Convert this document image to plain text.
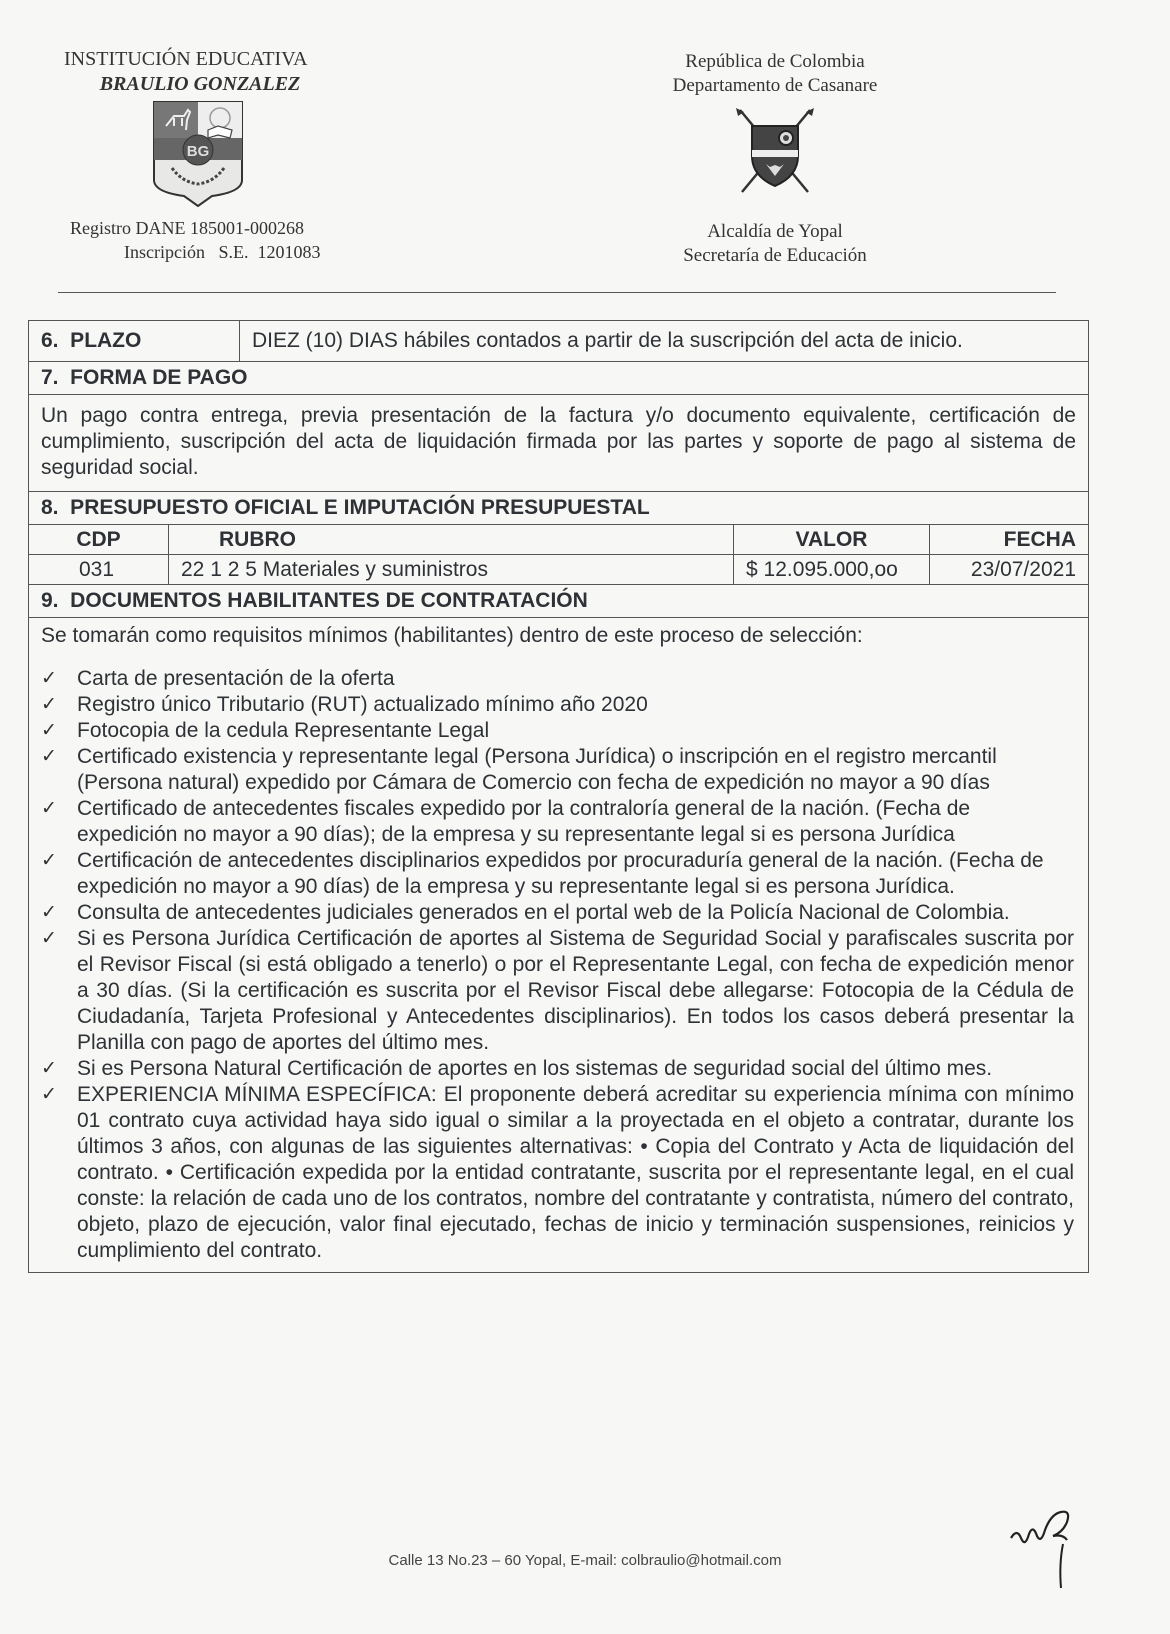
INSTITUCIÓN EDUCATIVA
BRAULIO GONZALEZ
BG
Registro DANE 185001-000268
Inscripción   S.E.  1201083
República de Colombia
Departamento de Casanare
Alcaldía de Yopal
Secretaría de Educación
6.  PLAZO	DIEZ (10) DIAS hábiles contados a partir de la suscripción del acta de inicio.
7.  FORMA DE PAGO
Un pago contra entrega, previa presentación de la factura y/o documento equivalente, certificación de cumplimiento, suscripción del acta de liquidación firmada por las partes y soporte de pago al sistema de seguridad social.
8.  PRESUPUESTO OFICIAL E IMPUTACIÓN PRESUPUESTAL
CDP	RUBRO	VALOR	FECHA
031	22 1 2 5 Materiales y suministros	$ 12.095.000,oo	23/07/2021
9.  DOCUMENTOS HABILITANTES DE CONTRATACIÓN
Se tomarán como requisitos mínimos (habilitantes) dentro de este proceso de selección:
✓ Carta de presentación de la oferta
✓ Registro único Tributario (RUT) actualizado mínimo año 2020
✓ Fotocopia de la cedula Representante Legal
✓ Certificado existencia y representante legal (Persona Jurídica) o inscripción en el registro mercantil (Persona natural) expedido por Cámara de Comercio con fecha de expedición no mayor a 90 días
✓ Certificado de antecedentes fiscales expedido por la contraloría general de la nación. (Fecha de expedición no mayor a 90 días); de la empresa y su representante legal si es persona Jurídica
✓ Certificación de antecedentes disciplinarios expedidos por procuraduría general de la nación. (Fecha de expedición no mayor a 90 días) de la empresa y su representante legal si es persona Jurídica.
✓ Consulta de antecedentes judiciales generados en el portal web de la Policía Nacional de Colombia.
✓ Si es Persona Jurídica Certificación de aportes al Sistema de Seguridad Social y parafiscales suscrita por el Revisor Fiscal (si está obligado a tenerlo) o por el Representante Legal, con fecha de expedición menor a 30 días. (Si la certificación es suscrita por el Revisor Fiscal debe allegarse: Fotocopia de la Cédula de Ciudadanía, Tarjeta Profesional y Antecedentes disciplinarios). En todos los casos deberá presentar la Planilla con pago de aportes del último mes.
✓ Si es Persona Natural Certificación de aportes en los sistemas de seguridad social del último mes.
✓ EXPERIENCIA MÍNIMA ESPECÍFICA: El proponente deberá acreditar su experiencia mínima con mínimo 01 contrato cuya actividad haya sido igual o similar a la proyectada en el objeto a contratar, durante los últimos 3 años, con algunas de las siguientes alternativas: • Copia del Contrato y Acta de liquidación del contrato. • Certificación expedida por la entidad contratante, suscrita por el representante legal, en el cual conste: la relación de cada uno de los contratos, nombre del contratante y contratista, número del contrato, objeto, plazo de ejecución, valor final ejecutado, fechas de inicio y terminación suspensiones, reinicios y cumplimiento del contrato.
Calle 13 No.23 – 60 Yopal, E-mail: colbraulio@hotmail.com
